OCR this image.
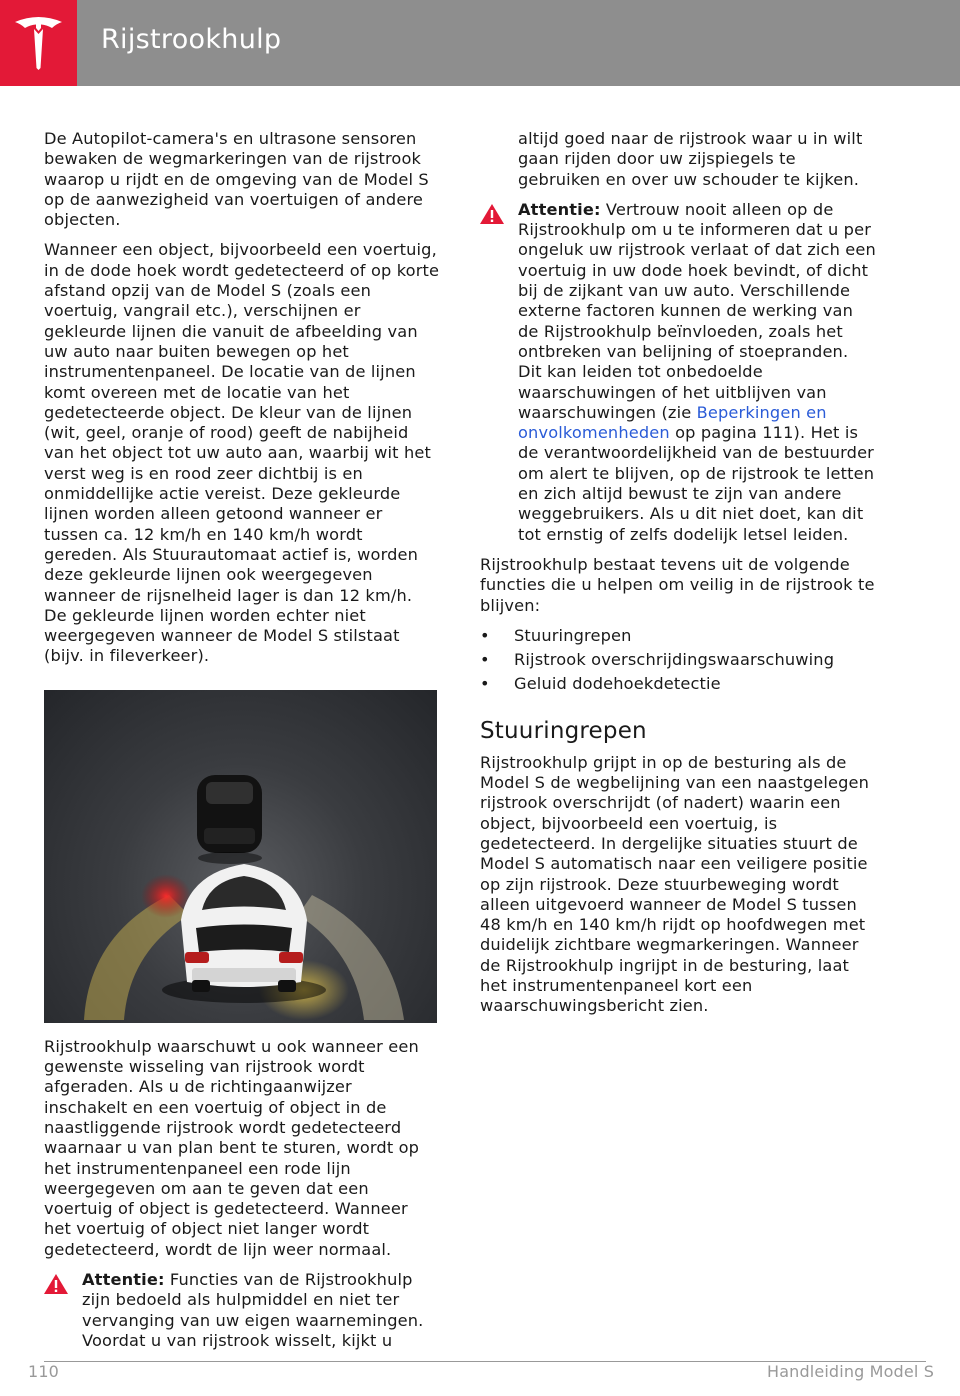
Rijstrookhulp

De Autopilot-camera's en ultrasone sensoren bewaken de wegmarkeringen van de rijstrook waarop u rijdt en de omgeving van de Model S op de aanwezigheid van voertuigen of andere objecten.

Wanneer een object, bijvoorbeeld een voertuig, in de dode hoek wordt gedetecteerd of op korte afstand opzij van de Model S (zoals een voertuig, vangrail etc.), verschijnen er gekleurde lijnen die vanuit de afbeelding van uw auto naar buiten bewegen op het instrumentenpaneel. De locatie van de lijnen komt overeen met de locatie van het gedetecteerde object. De kleur van de lijnen (wit, geel, oranje of rood) geeft de nabijheid van het object tot uw auto aan, waarbij wit het verst weg is en rood zeer dichtbij is en onmiddellijke actie vereist. Deze gekleurde lijnen worden alleen getoond wanneer er tussen ca. 12 km/h en 140 km/h wordt gereden. Als Stuurautomaat actief is, worden deze gekleurde lijnen ook weergegeven wanneer de rijsnelheid lager is dan 12 km/h. De gekleurde lijnen worden echter niet weergegeven wanneer de Model S stilstaat (bijv. in fileverkeer).

Rijstrookhulp waarschuwt u ook wanneer een gewenste wisseling van rijstrook wordt afgeraden. Als u de richtingaanwijzer inschakelt en een voertuig of object in de naastliggende rijstrook wordt gedetecteerd waarnaar u van plan bent te sturen, wordt op het instrumentenpaneel een rode lijn weergegeven om aan te geven dat een voertuig of object is gedetecteerd. Wanneer het voertuig of object niet langer wordt gedetecteerd, wordt de lijn weer normaal.

Attentie: Functies van de Rijstrookhulp zijn bedoeld als hulpmiddel en niet ter vervanging van uw eigen waarnemingen. Voordat u van rijstrook wisselt, kijkt u

altijd goed naar de rijstrook waar u in wilt gaan rijden door uw zijspiegels te gebruiken en over uw schouder te kijken.

Attentie: Vertrouw nooit alleen op de Rijstrookhulp om u te informeren dat u per ongeluk uw rijstrook verlaat of dat zich een voertuig in uw dode hoek bevindt, of dicht bij de zijkant van uw auto. Verschillende externe factoren kunnen de werking van de Rijstrookhulp beïnvloeden, zoals het ontbreken van belijning of stoepranden. Dit kan leiden tot onbedoelde waarschuwingen of het uitblijven van waarschuwingen (zie Beperkingen en onvolkomenheden op pagina 111). Het is de verantwoordelijkheid van de bestuurder om alert te blijven, op de rijstrook te letten en zich altijd bewust te zijn van andere weggebruikers. Als u dit niet doet, kan dit tot ernstig of zelfs dodelijk letsel leiden.

Rijstrookhulp bestaat tevens uit de volgende functies die u helpen om veilig in de rijstrook te blijven:

• Stuuringrepen
• Rijstrook overschrijdingswaarschuwing
• Geluid dodehoekdetectie
Stuuringrepen

Rijstrookhulp grijpt in op de besturing als de Model S de wegbelijning van een naastgelegen rijstrook overschrijdt (of nadert) waarin een object, bijvoorbeeld een voertuig, is gedetecteerd. In dergelijke situaties stuurt de Model S automatisch naar een veiligere positie op zijn rijstrook. Deze stuurbeweging wordt alleen uitgevoerd wanneer de Model S tussen 48 km/h en 140 km/h rijdt op hoofdwegen met duidelijk zichtbare wegmarkeringen. Wanneer de Rijstrookhulp ingrijpt in de besturing, laat het instrumentenpaneel kort een waarschuwingsbericht zien.

110	Handleiding Model S
